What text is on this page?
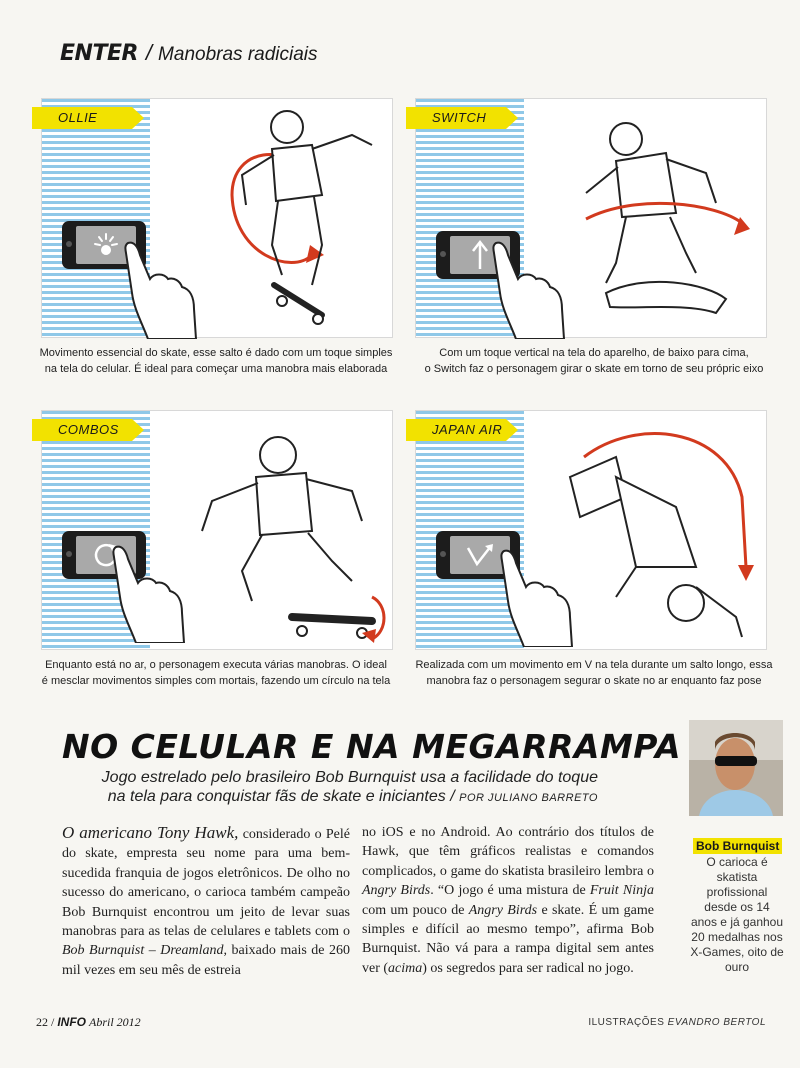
ENTER / Manobras radiciais
OLLIE
Movimento essencial do skate, esse salto é dado com um toque simples
na tela do celular. É ideal para começar uma manobra mais elaborada
SWITCH
Com um toque vertical na tela do aparelho, de baixo para cima,
o Switch faz o personagem girar o skate em torno de seu própric eixo
COMBOS
Enquanto está no ar, o personagem executa várias manobras. O ideal
é mesclar movimentos simples com mortais, fazendo um círculo na tela
JAPAN AIR
Realizada com um movimento em V na tela durante um salto longo, essa
manobra faz o personagem segurar o skate no ar enquanto faz pose
NO CELULAR E NA MEGARRAMPA
Jogo estrelado pelo brasileiro Bob Burnquist usa a facilidade do toque
na tela para conquistar fãs de skate e iniciantes / POR JULIANO BARRETO
O americano Tony Hawk, considerado o Pelé do skate, empresta seu nome para uma bem-sucedida franquia de jogos eletrônicos. De olho no sucesso do americano, o carioca também campeão Bob Burnquist encontrou um jeito de levar suas manobras para as telas de celulares e tablets com o Bob Burnquist – Dreamland, baixado mais de 260 mil vezes em seu mês de estreia
no iOS e no Android. Ao contrário dos títulos de Hawk, que têm gráficos realistas e comandos complicados, o game do skatista brasileiro lembra o Angry Birds. “O jogo é uma mistura de Fruit Ninja com um pouco de Angry Birds e skate. É um game simples e difícil ao mesmo tempo”, afirma Bob Burnquist. Não vá para a rampa digital sem antes ver (acima) os segredos para ser radical no jogo.
Bob Burnquist
O carioca é skatista profissional desde os 14 anos e já ganhou 20 medalhas nos X-Games, oito de ouro
22 / INFO Abril 2012	ILUSTRAÇÕES EVANDRO BERTOL
